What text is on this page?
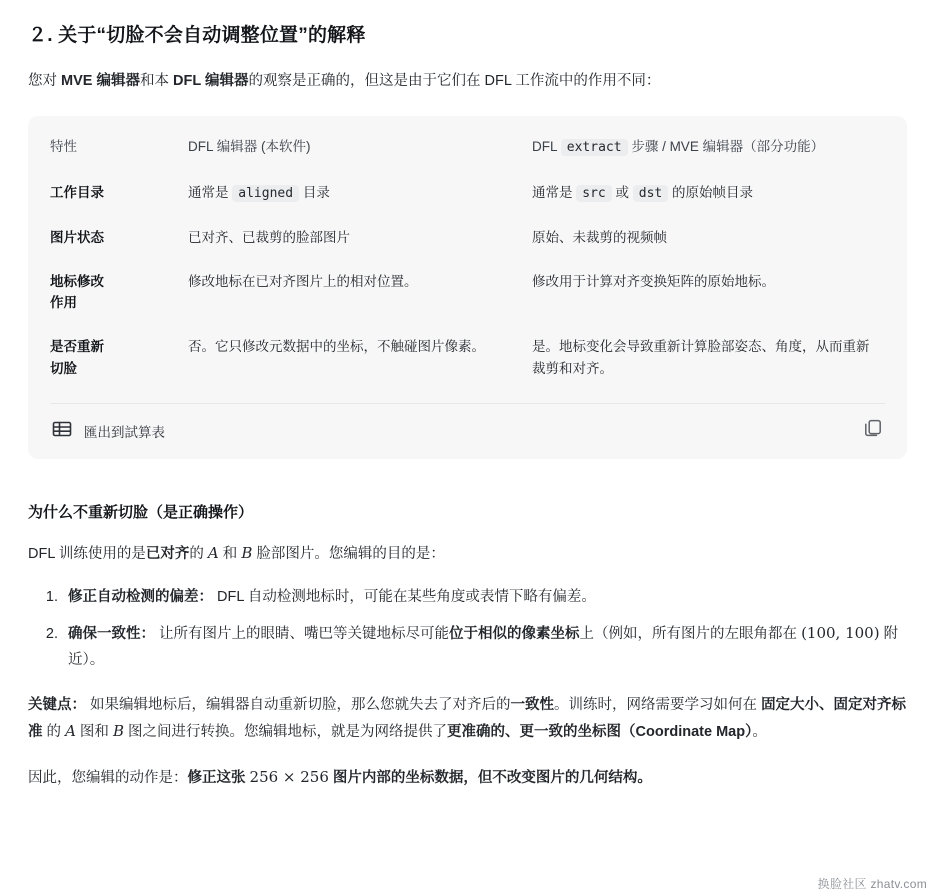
２. 关于“切脸不会自动调整位置”的解释

您对 MVE 编辑器和本 DFL 编辑器的观察是正确的，但这是由于它们在 DFL 工作流中的作用不同：

特性	DFL 编辑器 (本软件)	DFL extract 步骤 / MVE 编辑器（部分功能）
工作目录	通常是 aligned 目录	通常是 src 或 dst 的原始帧目录
图片状态	已对齐、已裁剪的脸部图片	原始、未裁剪的视频帧
地标修改
作用	修改地标在已对齐图片上的相对位置。	修改用于计算对齐变换矩阵的原始地标。
是否重新
切脸	否。它只修改元数据中的坐标，不触碰图片像素。	是。地标变化会导致重新计算脸部姿态、角度，从而重新裁剪和对齐。
匯出到試算表
为什么不重新切脸（是正确操作）

DFL 训练使用的是已对齐的 A 和 B 脸部图片。您编辑的目的是：

1. 修正自动检测的偏差： DFL 自动检测地标时，可能在某些角度或表情下略有偏差。
2. 确保一致性： 让所有图片上的眼睛、嘴巴等关键地标尽可能位于相似的像素坐标上（例如，所有图片的左眼角都在 (100, 100) 附近）。

关键点： 如果编辑地标后，编辑器自动重新切脸，那么您就失去了对齐后的一致性。训练时，网络需要学习如何在 固定大小、固定对齐标准 的 A 图和 B 图之间进行转换。您编辑地标，就是为网络提供了更准确的、更一致的坐标图（Coordinate Map）。

因此，您编辑的动作是：修正这张 256 × 256 图片内部的坐标数据，但不改变图片的几何结构。

换脸社区 zhatv.com
